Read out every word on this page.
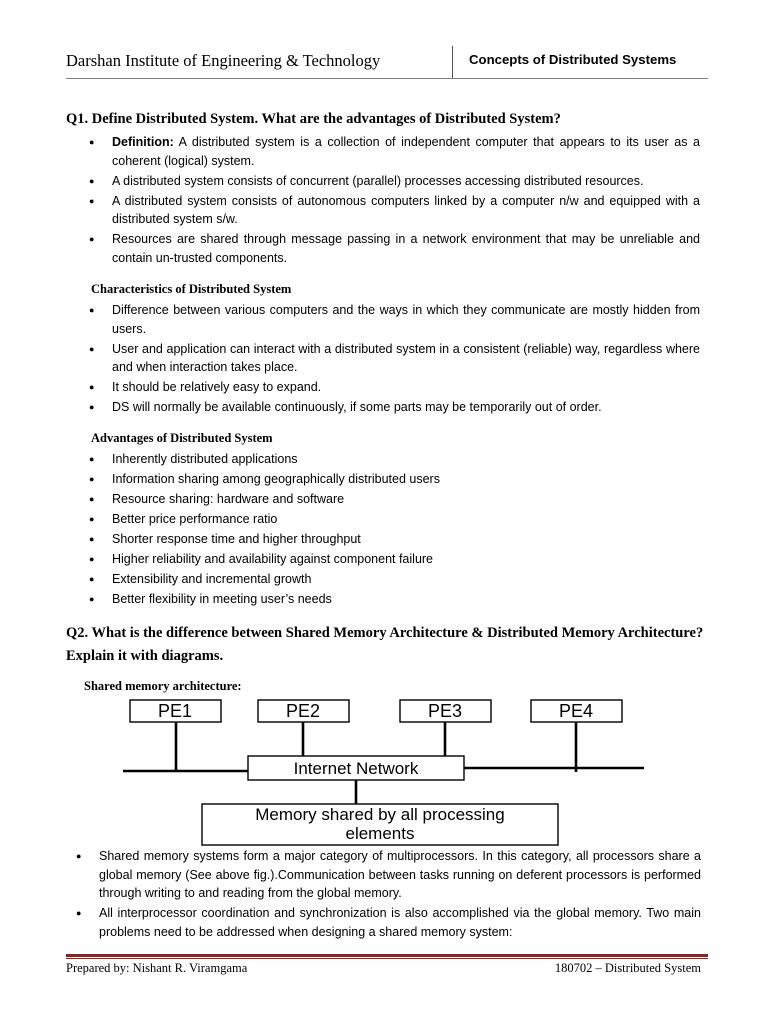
Darshan Institute of Engineering & Technology	Concepts of Distributed Systems
Q1. Define Distributed System. What are the advantages of Distributed System?
● Definition: A distributed system is a collection of independent computer that appears to its user as a coherent (logical) system.
● A distributed system consists of concurrent (parallel) processes accessing distributed resources.
● A distributed system consists of autonomous computers linked by a computer n/w and equipped with a distributed system s/w.
● Resources are shared through message passing in a network environment that may be unreliable and contain un-trusted components.
Characteristics of Distributed System
● Difference between various computers and the ways in which they communicate are mostly hidden from users.
● User and application can interact with a distributed system in a consistent (reliable) way, regardless where and when interaction takes place.
● It should be relatively easy to expand.
● DS will normally be available continuously, if some parts may be temporarily out of order.
Advantages of Distributed System
● Inherently distributed applications
● Information sharing among geographically distributed users
● Resource sharing: hardware and software
● Better price performance ratio
● Shorter response time and higher throughput
● Higher reliability and availability against component failure
● Extensibility and incremental growth
● Better flexibility in meeting user’s needs
Q2. What is the difference between Shared Memory Architecture & Distributed Memory Architecture? Explain it with diagrams.
Shared memory architecture:
PE1	PE2	PE3	PE4
Internet Network
Memory shared by all processing
elements
● Shared memory systems form a major category of multiprocessors. In this category, all processors share a global memory (See above fig.).Communication between tasks running on deferent processors is performed through writing to and reading from the global memory.
● All interprocessor coordination and synchronization is also accomplished via the global memory. Two main problems need to be addressed when designing a shared memory system:
Prepared by: Nishant R. Viramgama	180702 – Distributed System
